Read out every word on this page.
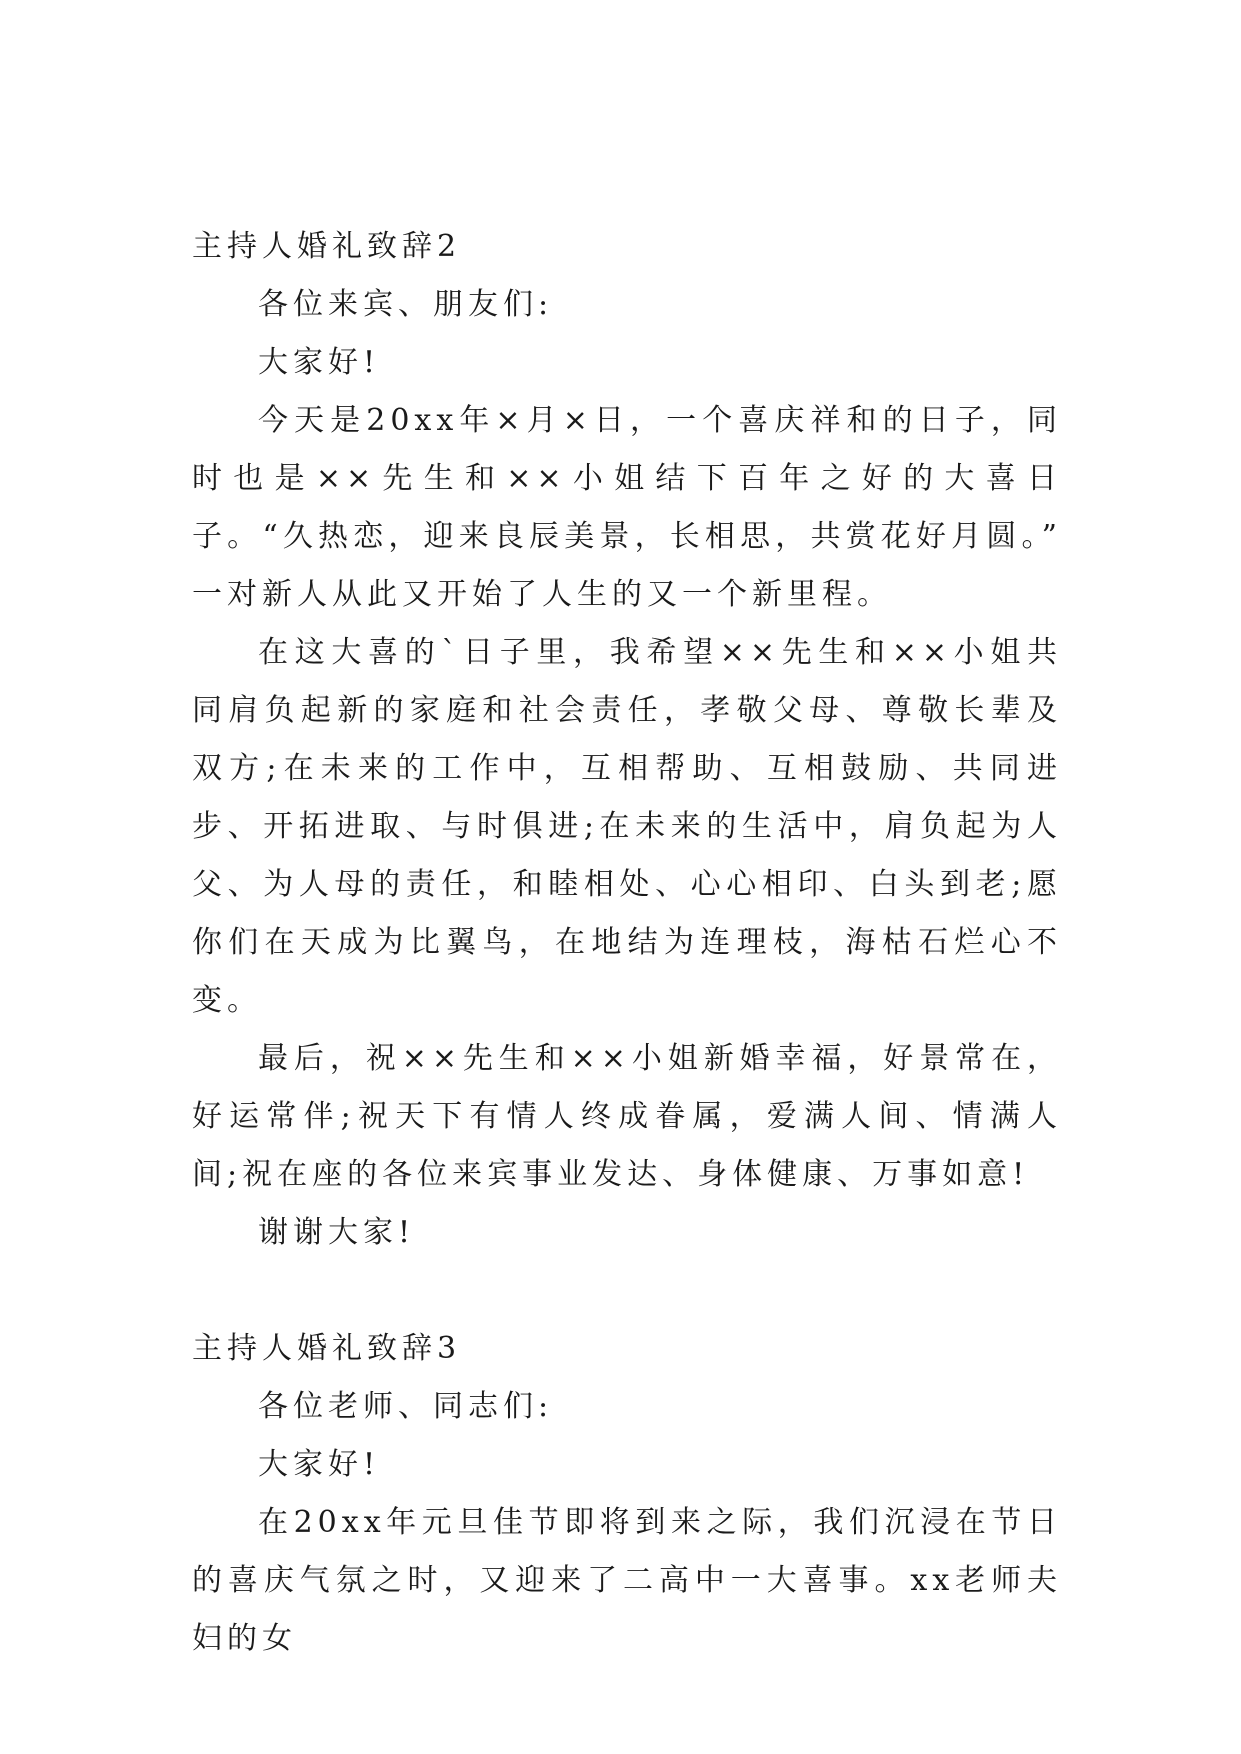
主持人婚礼致辞2

各位来宾、朋友们:

大家好!

今天是20xx年×月×日，一个喜庆祥和的日子，同时也是××先生和××小姐结下百年之好的大喜日子。“久热恋，迎来良辰美景，长相思，共赏花好月圆。” 一对新人从此又开始了人生的又一个新里程。

在这大喜的`日子里，我希望××先生和××小姐共同肩负起新的家庭和社会责任，孝敬父母、尊敬长辈及双方;在未来的工作中，互相帮助、互相鼓励、共同进步、开拓进取、与时俱进;在未来的生活中，肩负起为人父、为人母的责任，和睦相处、心心相印、白头到老;愿你们在天成为比翼鸟，在地结为连理枝，海枯石烂心不变。

最后，祝××先生和××小姐新婚幸福，好景常在，好运常伴;祝天下有情人终成眷属，爱满人间、情满人间;祝在座的各位来宾事业发达、身体健康、万事如意!

谢谢大家!

主持人婚礼致辞3

各位老师、同志们:

大家好!

在20xx年元旦佳节即将到来之际，我们沉浸在节日的喜庆气氛之时，又迎来了二高中一大喜事。xx老师夫妇的女
